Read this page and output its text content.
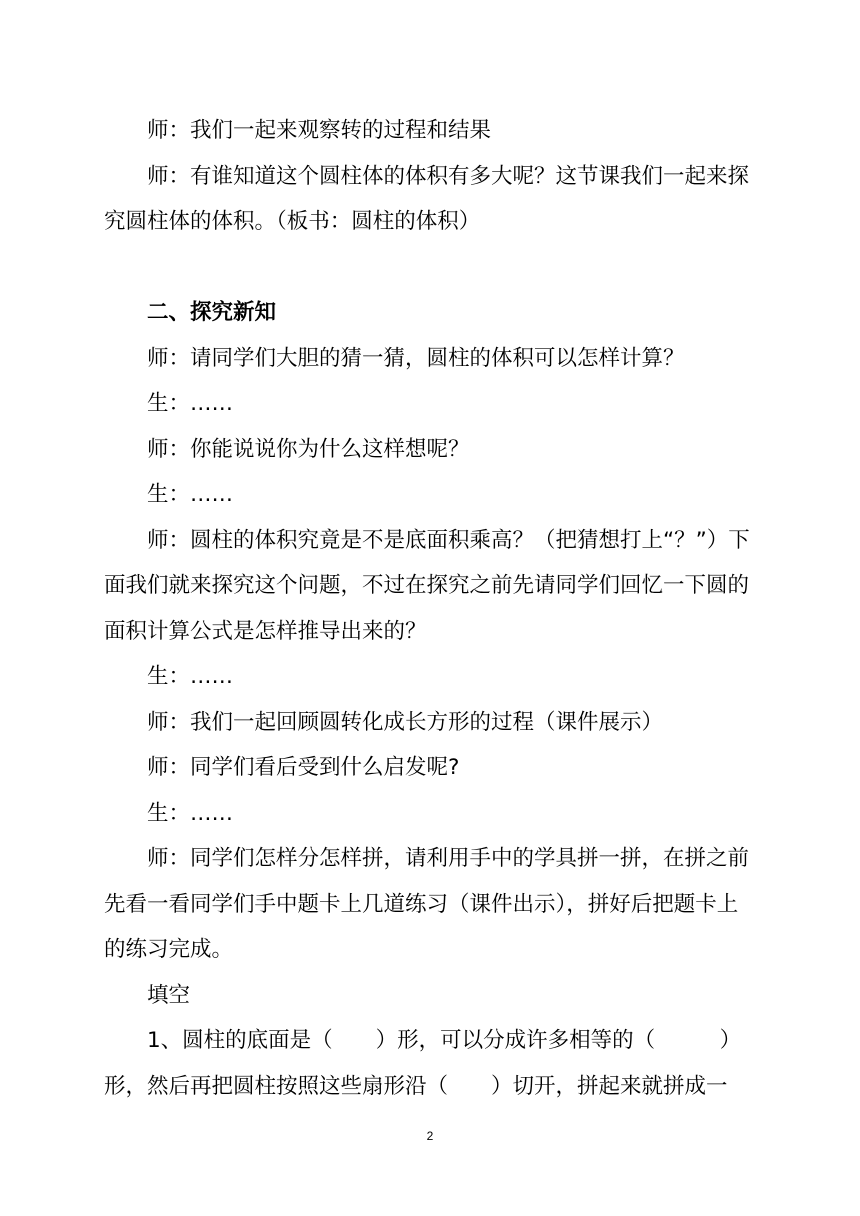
师：我们一起来观察转的过程和结果

师：有谁知道这个圆柱体的体积有多大呢？这节课我们一起来探究圆柱体的体积。（板书：圆柱的体积）

二、探究新知

师：请同学们大胆的猜一猜，圆柱的体积可以怎样计算？

生：……

师：你能说说你为什么这样想呢？

生：……

师：圆柱的体积究竟是不是底面积乘高？（把猜想打上“？”）下面我们就来探究这个问题，不过在探究之前先请同学们回忆一下圆的面积计算公式是怎样推导出来的？

生：……

师：我们一起回顾圆转化成长方形的过程（课件展示）

师：同学们看后受到什么启发呢?

生：……

师：同学们怎样分怎样拼，请利用手中的学具拼一拼，在拼之前先看一看同学们手中题卡上几道练习（课件出示），拼好后把题卡上的练习完成。

填空

1、圆柱的底面是（　　）形，可以分成许多相等的（　　　）形，然后再把圆柱按照这些扇形沿（　　）切开，拼起来就拼成一

2
